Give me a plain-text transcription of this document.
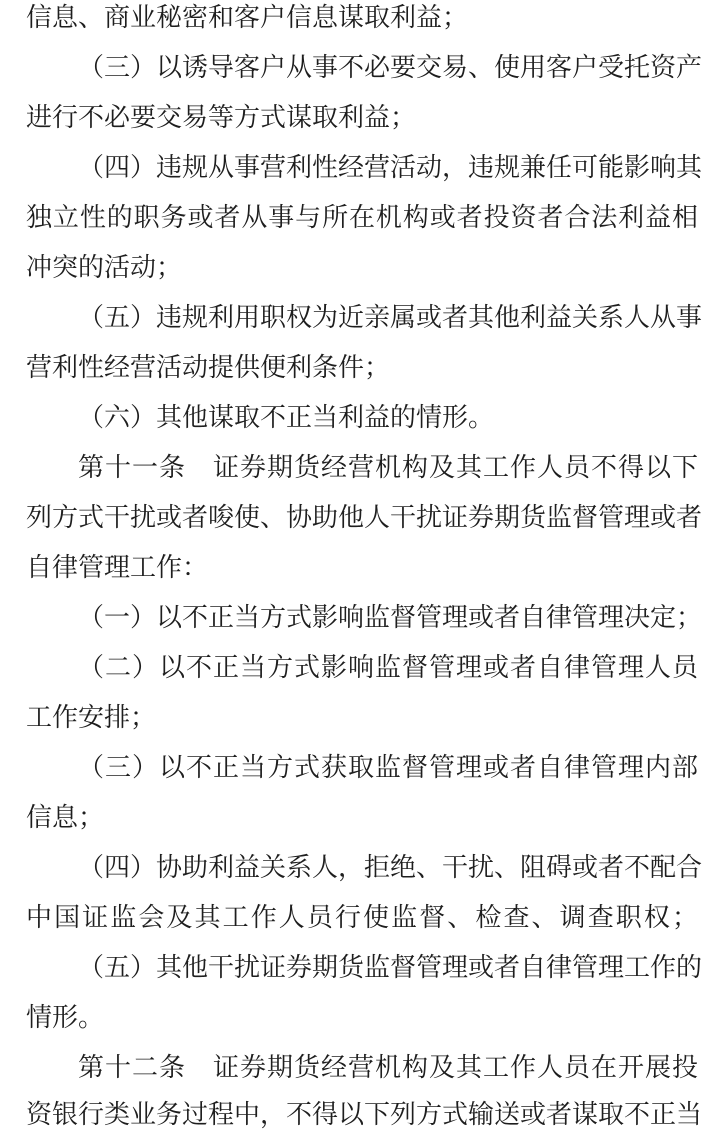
信息、商业秘密和客户信息谋取利益；

（三）以诱导客户从事不必要交易、使用客户受托资产

进行不必要交易等方式谋取利益；

（四）违规从事营利性经营活动，违规兼任可能影响其

独立性的职务或者从事与所在机构或者投资者合法利益相

冲突的活动；

（五）违规利用职权为近亲属或者其他利益关系人从事

营利性经营活动提供便利条件；

（六）其他谋取不正当利益的情形。

第十一条　证券期货经营机构及其工作人员不得以下

列方式干扰或者唆使、协助他人干扰证券期货监督管理或者

自律管理工作：

（一）以不正当方式影响监督管理或者自律管理决定；

（二）以不正当方式影响监督管理或者自律管理人员

工作安排；

（三）以不正当方式获取监督管理或者自律管理内部

信息；

（四）协助利益关系人，拒绝、干扰、阻碍或者不配合

中国证监会及其工作人员行使监督、检查、调查职权；

（五）其他干扰证券期货监督管理或者自律管理工作的

情形。

第十二条　证券期货经营机构及其工作人员在开展投

资银行类业务过程中，不得以下列方式输送或者谋取不正当
